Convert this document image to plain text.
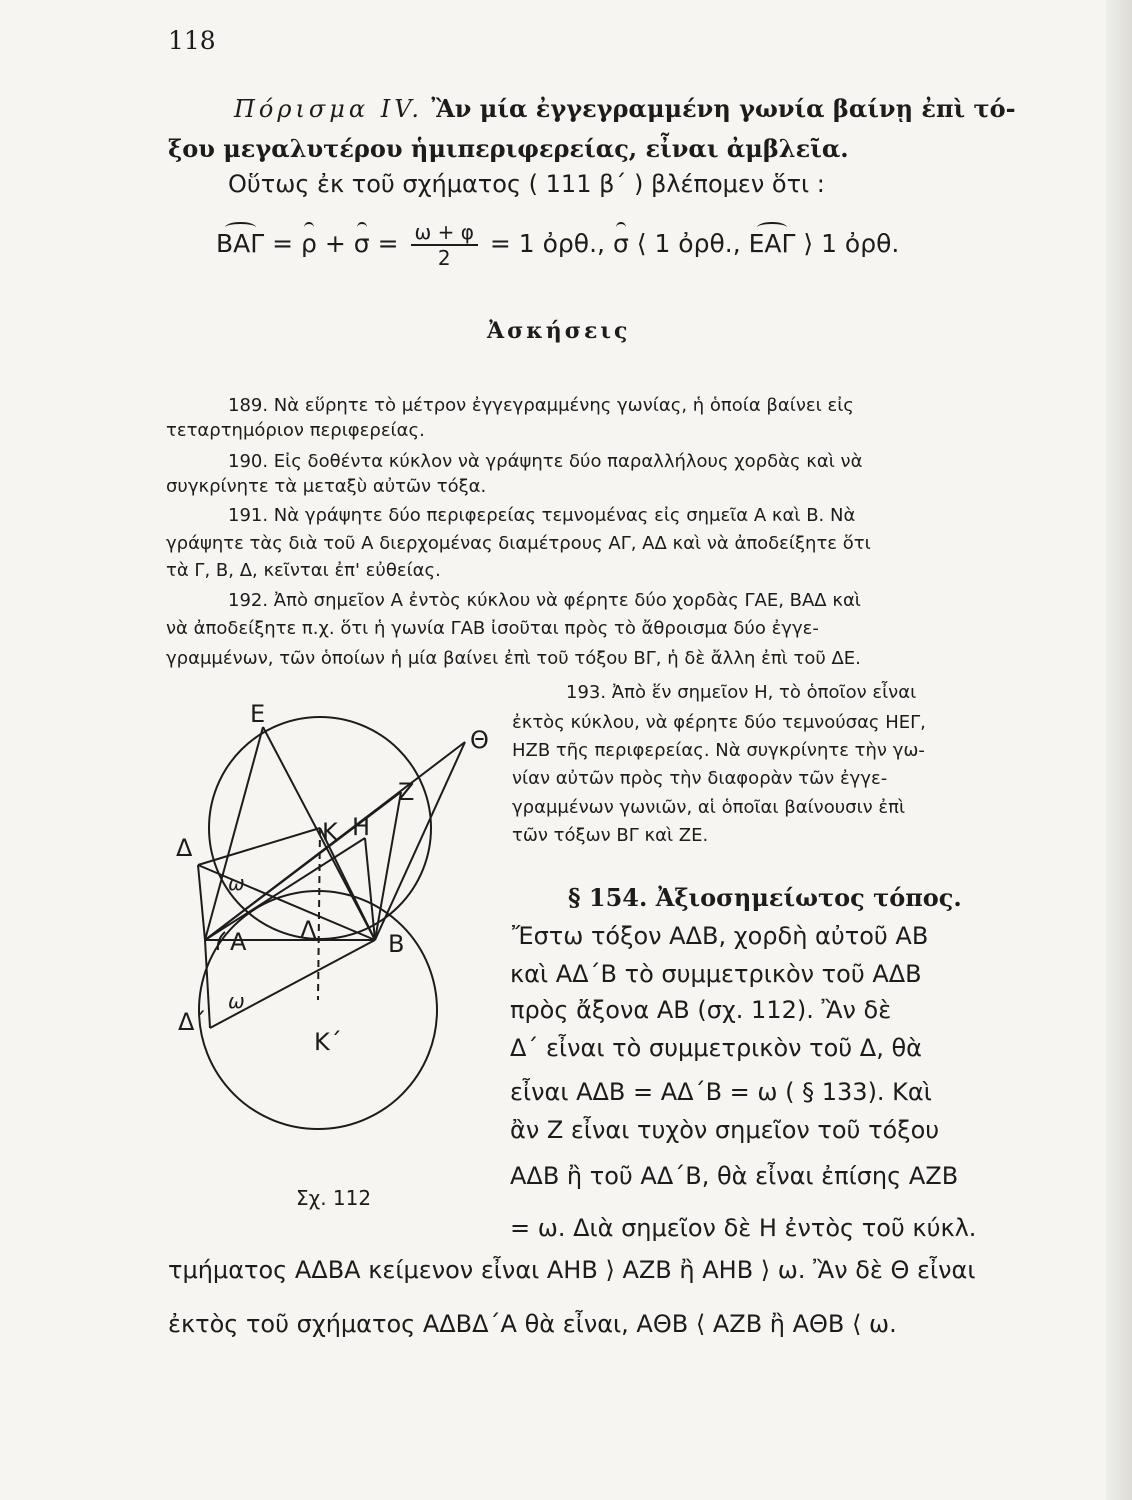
118
Πόρισμα IV. Ἂν μία ἐγγεγραμμένη γωνία βαίνῃ ἐπὶ τό-
ξου μεγαλυτέρου ἡμιπεριφερείας, εἶναι ἀμβλεῖα.
Οὕτως ἐκ τοῦ σχήματος ( 111 β΄ ) βλέπομεν ὅτι :
$BA\Gamma = \rho + \sigma = \frac{\omega + \varphi}{2} = 1$ ὀρθ., σ ⟨ 1 ὀρθ., ΕΑΓ ⟩ 1 ὀρθ.
Ἀσκήσεις
189. Νὰ εὕρητε τὸ μέτρον ἐγγεγραμμένης γωνίας, ἡ ὁποία βαίνει εἰς
τεταρτημόριον περιφερείας.
190. Εἰς δοθέντα κύκλον νὰ γράψητε δύο παραλλήλους χορδὰς καὶ νὰ
συγκρίνητε τὰ μεταξὺ αὐτῶν τόξα.
191. Νὰ γράψητε δύο περιφερείας τεμνομένας εἰς σημεῖα Α καὶ Β. Νὰ
γράψητε τὰς διὰ τοῦ Α διερχομένας διαμέτρους ΑΓ, ΑΔ καὶ νὰ ἀποδείξητε ὅτι
τὰ Γ, Β, Δ, κεῖνται ἐπ' εὐθείας.
192. Ἀπὸ σημεῖον Α ἐντὸς κύκλου νὰ φέρητε δύο χορδὰς ΓΑΕ, ΒΑΔ καὶ
νὰ ἀποδείξητε π.χ. ὅτι ἡ γωνία ΓΑΒ ἰσοῦται πρὸς τὸ ἄθροισμα δύο ἐγγε-
γραμμένων, τῶν ὁποίων ἡ μία βαίνει ἐπὶ τοῦ τόξου ΒΓ, ἡ δὲ ἄλλη ἐπὶ τοῦ ΔΕ.
193. Ἀπὸ ἕν σημεῖον Η, τὸ ὁποῖον εἶναι
ἐκτὸς κύκλου, νὰ φέρητε δύο τεμνούσας ΗΕΓ,
ΗΖΒ τῆς περιφερείας. Νὰ συγκρίνητε τὴν γω-
νίαν αὐτῶν πρὸς τὴν διαφορὰν τῶν ἐγγε-
γραμμένων γωνιῶν, αἱ ὁποῖαι βαίνουσιν ἐπὶ
τῶν τόξων ΒΓ καὶ ΖΕ.
§ 154. Ἀξιοσημείωτος τόπος.
Ἔστω τόξον ΑΔΒ, χορδὴ αὐτοῦ ΑΒ
καὶ ΑΔ΄Β τὸ συμμετρικὸν τοῦ ΑΔΒ
πρὸς ἄξονα ΑΒ (σχ. 112). Ἂν δὲ
Δ΄ εἶναι τὸ συμμετρικὸν τοῦ Δ, θὰ
εἶναι ΑΔΒ = ΑΔ΄Β = ω ( § 133). Καὶ
ἂν Ζ εἶναι τυχὸν σημεῖον τοῦ τόξου
ΑΔΒ ἢ τοῦ ΑΔ΄Β, θὰ εἶναι ἐπίσης ΑΖΒ
= ω. Διὰ σημεῖον δὲ Η ἐντὸς τοῦ κύκλ.
τμήματος ΑΔΒΑ κείμενον εἶναι ΑΗΒ ⟩ ΑΖΒ ἢ ΑΗΒ ⟩ ω. Ἂν δὲ Θ εἶναι
ἐκτὸς τοῦ σχήματος ΑΔΒΔ΄Α θὰ εἶναι, ΑΘΒ ⟨ ΑΖΒ ἢ ΑΘΒ ⟨ ω.
Ε
Θ
Ζ
Κ Η
Δ
ω
Α Λ	Β
Δ΄
ω
Κ΄
Σχ. 112
